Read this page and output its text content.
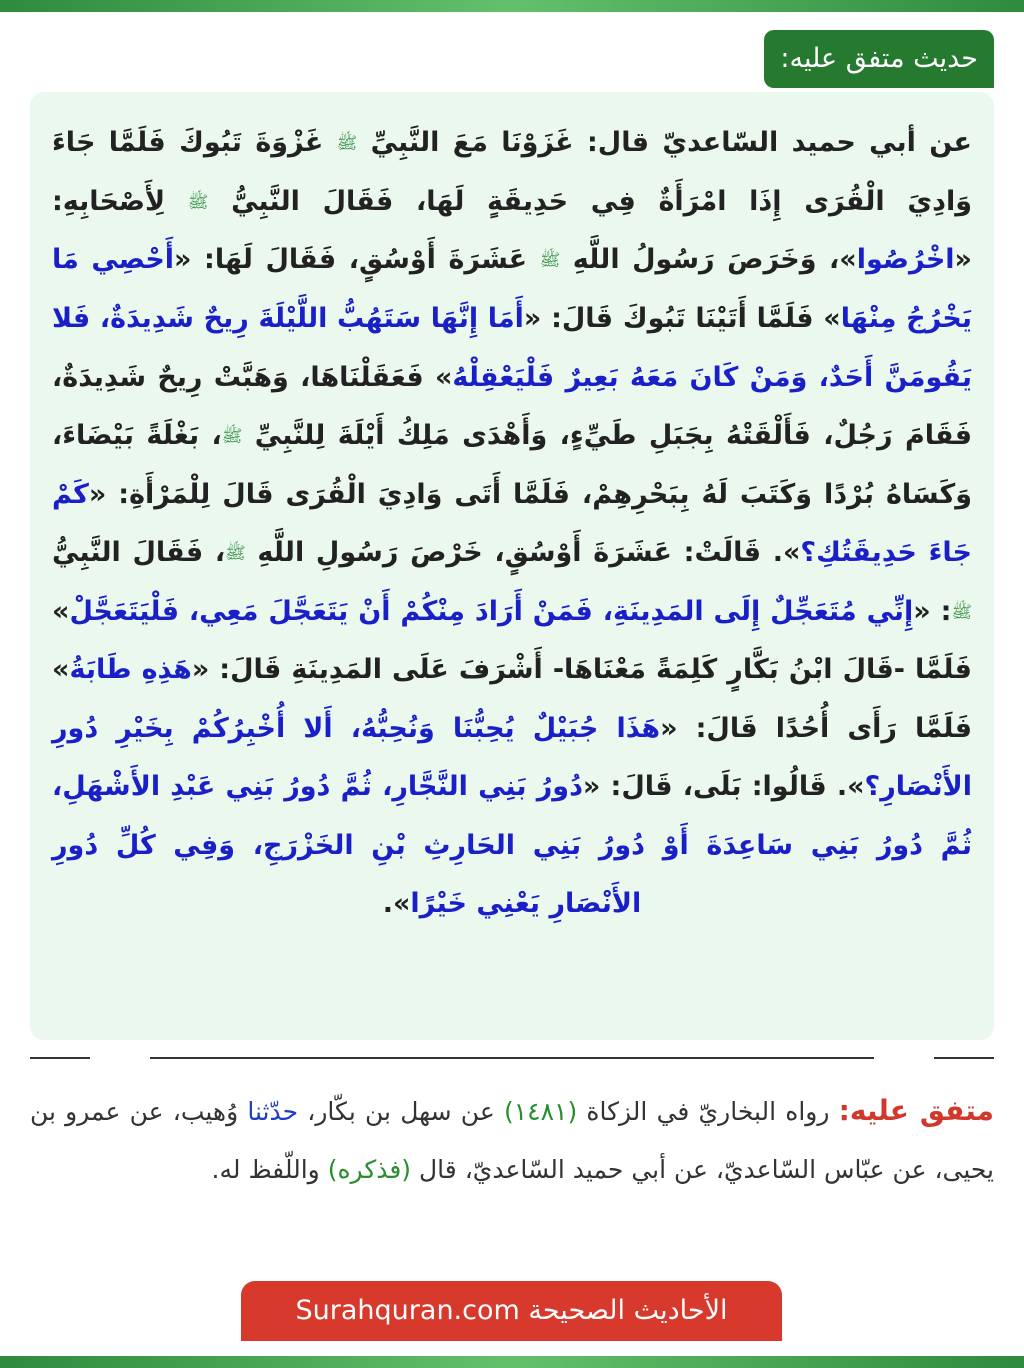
حديث متفق عليه:

عن أبي حميد السّاعديّ قال: غَزَوْنَا مَعَ النَّبِيِّ ﷺ غَزْوَةَ تَبُوكَ فَلَمَّا جَاءَ وَادِيَ الْقُرَى إِذَا امْرَأَةٌ فِي حَدِيقَةٍ لَهَا، فَقَالَ النَّبِيُّ ﷺ لِأَصْحَابِهِ: «اخْرُصُوا»، وَخَرَصَ رَسُولُ اللَّهِ ﷺ عَشَرَةَ أَوْسُقٍ، فَقَالَ لَهَا: «أَحْصِي مَا يَخْرُجُ مِنْهَا» فَلَمَّا أَتَيْنَا تَبُوكَ قَالَ: «أَمَا إِنَّهَا سَتَهُبُّ اللَّيْلَةَ رِيحٌ شَدِيدَةٌ، فَلا يَقُومَنَّ أَحَدٌ، وَمَنْ كَانَ مَعَهُ بَعِيرٌ فَلْيَعْقِلْهُ» فَعَقَلْنَاهَا، وَهَبَّتْ رِيحٌ شَدِيدَةٌ، فَقَامَ رَجُلٌ، فَأَلْقَتْهُ بِجَبَلِ طَيِّءٍ، وَأَهْدَى مَلِكُ أَيْلَةَ لِلنَّبِيِّ ﷺ، بَغْلَةً بَيْضَاءَ، وَكَسَاهُ بُرْدًا وَكَتَبَ لَهُ بِبَحْرِهِمْ، فَلَمَّا أَتَى وَادِيَ الْقُرَى قَالَ لِلْمَرْأَةِ: «كَمْ جَاءَ حَدِيقَتُكِ؟». قَالَتْ: عَشَرَةَ أَوْسُقٍ، خَرْصَ رَسُولِ اللَّهِ ﷺ، فَقَالَ النَّبِيُّ ﷺ: «إِنِّي مُتَعَجِّلٌ إِلَى المَدِينَةِ، فَمَنْ أَرَادَ مِنْكُمْ أَنْ يَتَعَجَّلَ مَعِي، فَلْيَتَعَجَّلْ» فَلَمَّا -قَالَ ابْنُ بَكَّارٍ كَلِمَةً مَعْنَاهَا- أَشْرَفَ عَلَى المَدِينَةِ قَالَ: «هَذِهِ طَابَةُ» فَلَمَّا رَأَى أُحُدًا قَالَ: «هَذَا جُبَيْلٌ يُحِبُّنَا وَنُحِبُّهُ، أَلا أُخْبِرُكُمْ بِخَيْرِ دُورِ الأَنْصَارِ؟». قَالُوا: بَلَى، قَالَ: «دُورُ بَنِي النَّجَّارِ، ثُمَّ دُورُ بَنِي عَبْدِ الأَشْهَلِ، ثُمَّ دُورُ بَنِي سَاعِدَةَ أَوْ دُورُ بَنِي الحَارِثِ بْنِ الخَزْرَجِ، وَفِي كُلِّ دُورِ الأَنْصَارِ يَعْنِي خَيْرًا».

متفق عليه: رواه البخاريّ في الزكاة (١٤٨١) عن سهل بن بكّار، حدّثنا وُهيب، عن عمرو بن يحيى، عن عبّاس السّاعديّ، عن أبي حميد السّاعديّ، قال (فذكره) واللّفظ له.

الأحاديث الصحيحة Surahquran.com
